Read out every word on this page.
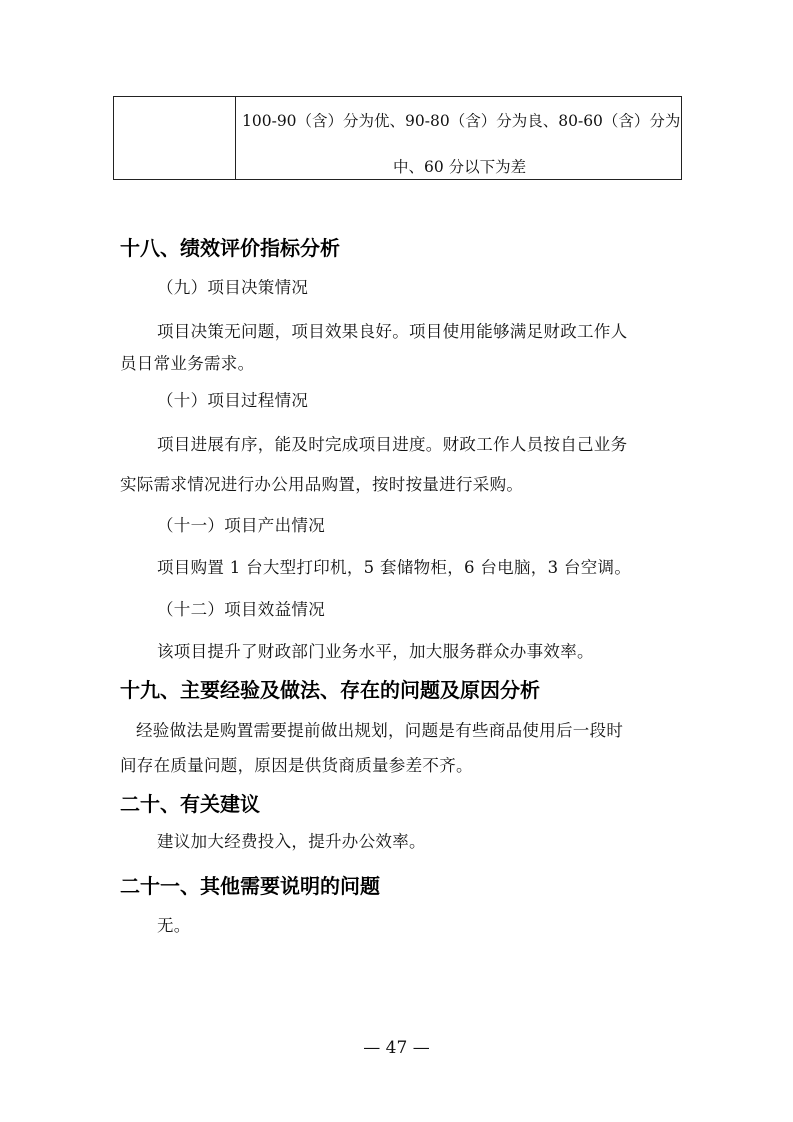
100-90（含）分为优、90-80（含）分为良、80-60（含）分为
中、60 分以下为差
十八、绩效评价指标分析
（九）项目决策情况
项目决策无问题，项目效果良好。项目使用能够满足财政工作人
员日常业务需求。
（十）项目过程情况
项目进展有序，能及时完成项目进度。财政工作人员按自己业务
实际需求情况进行办公用品购置，按时按量进行采购。
（十一）项目产出情况
项目购置 1 台大型打印机，5 套储物柜，6 台电脑，3 台空调。
（十二）项目效益情况
该项目提升了财政部门业务水平，加大服务群众办事效率。
十九、主要经验及做法、存在的问题及原因分析
经验做法是购置需要提前做出规划，问题是有些商品使用后一段时
间存在质量问题，原因是供货商质量参差不齐。
二十、有关建议
建议加大经费投入，提升办公效率。
二十一、其他需要说明的问题
无。
— 47 —
